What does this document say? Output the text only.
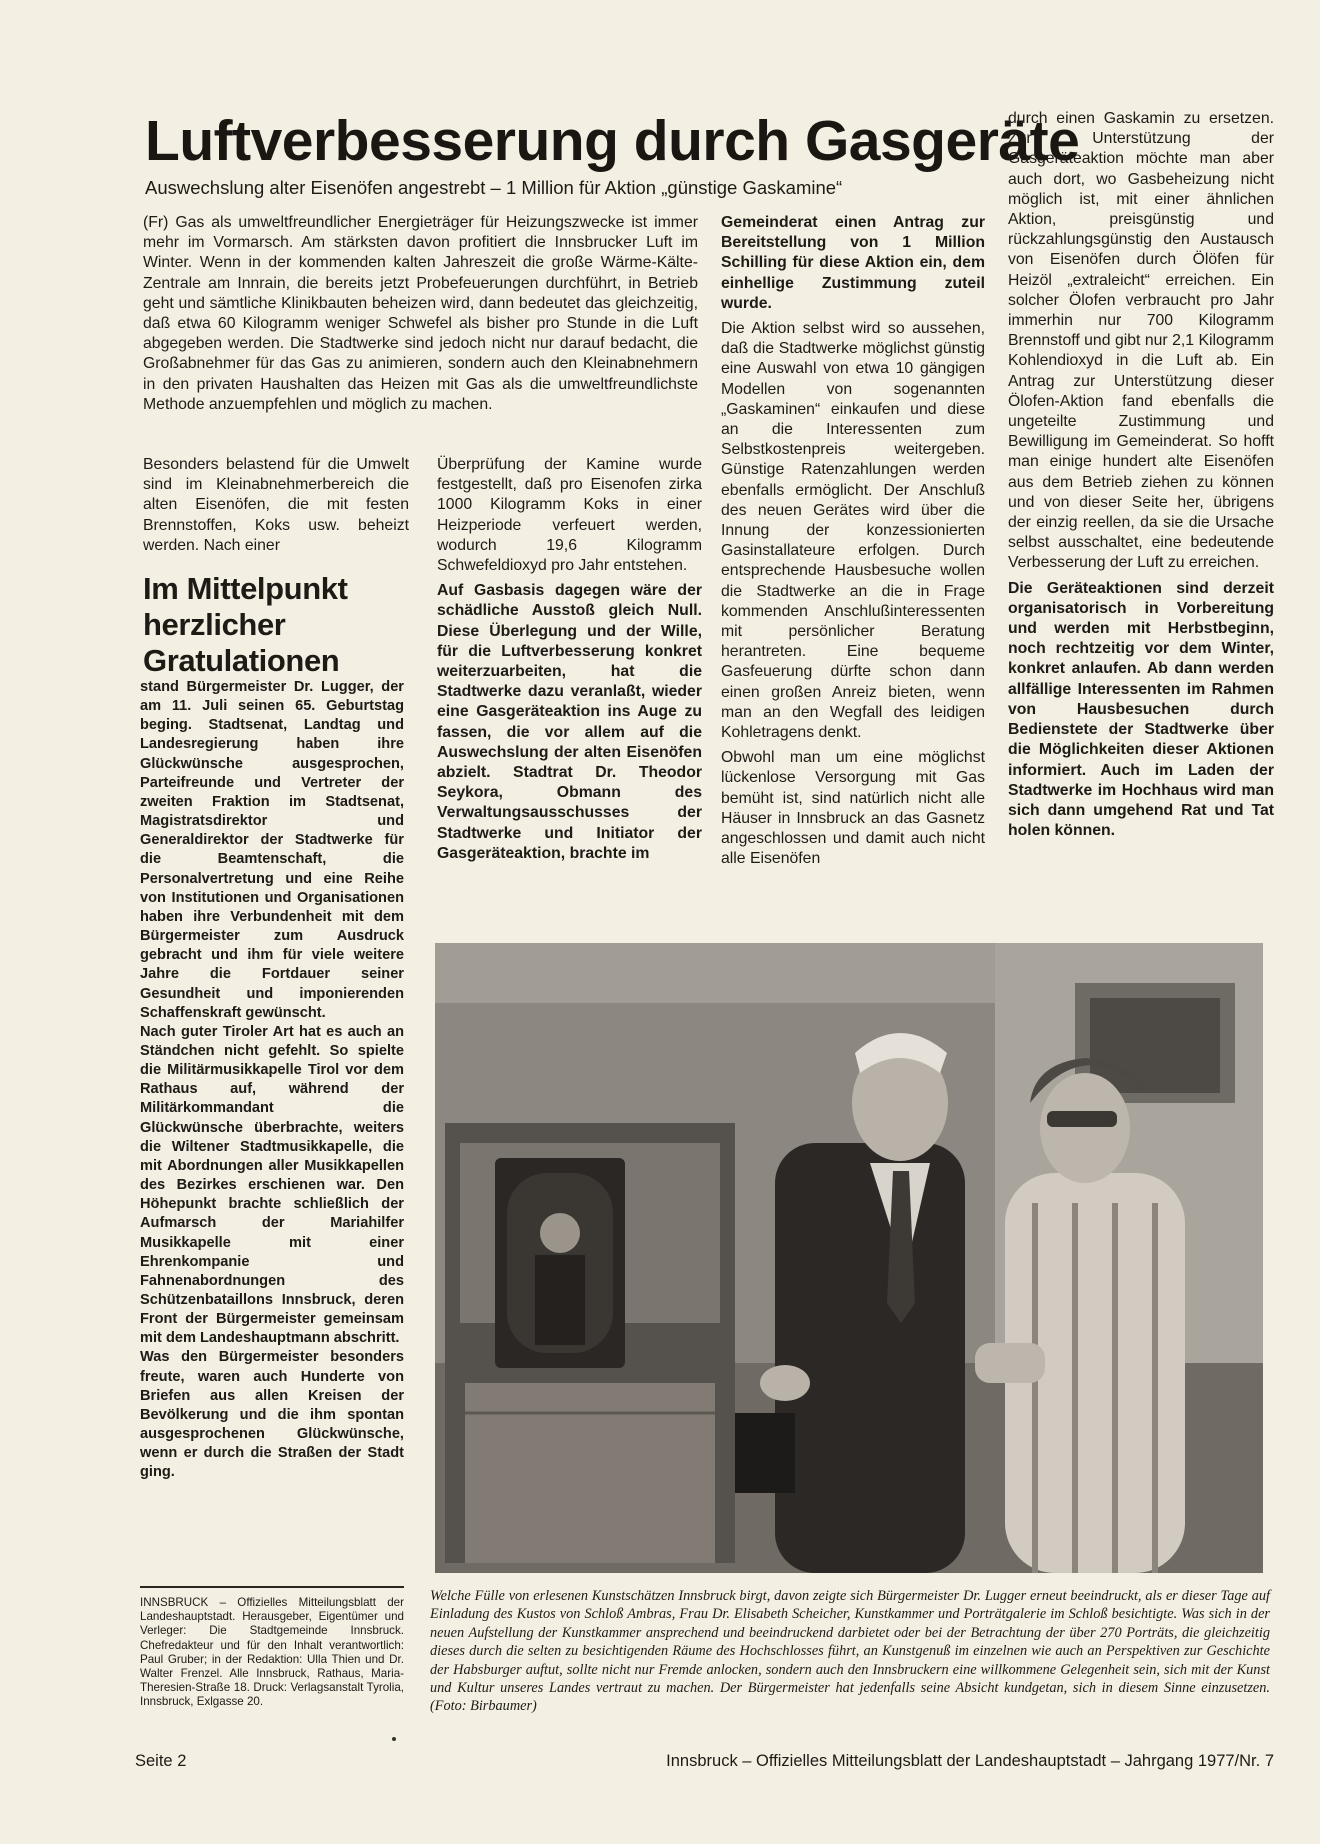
Luftverbesserung durch Gasgeräte
Auswechslung alter Eisenöfen angestrebt – 1 Million für Aktion „günstige Gaskamine“

(Fr) Gas als umweltfreundlicher Energieträger für Heizungszwecke ist immer mehr im Vormarsch. Am stärksten davon profitiert die Innsbrucker Luft im Winter. Wenn in der kommenden kalten Jahreszeit die große Wärme-Kälte-Zentrale am Innrain, die bereits jetzt Probefeuerungen durchführt, in Betrieb geht und sämtliche Klinikbauten beheizen wird, dann bedeutet das gleichzeitig, daß etwa 60 Kilogramm weniger Schwefel als bisher pro Stunde in die Luft abgegeben werden. Die Stadtwerke sind jedoch nicht nur darauf bedacht, die Großabnehmer für das Gas zu animieren, sondern auch den Kleinabnehmern in den privaten Haushalten das Heizen mit Gas als die umweltfreundlichste Methode anzuempfehlen und möglich zu machen.

Besonders belastend für die Umwelt sind im Kleinabnehmerbereich die alten Eisenöfen, die mit festen Brennstoffen, Koks usw. beheizt werden. Nach einer

Überprüfung der Kamine wurde festgestellt, daß pro Eisenofen zirka 1000 Kilogramm Koks in einer Heizperiode verfeuert werden, wodurch 19,6 Kilogramm Schwefeldioxyd pro Jahr entstehen.

Auf Gasbasis dagegen wäre der schädliche Ausstoß gleich Null. Diese Überlegung und der Wille, für die Luftverbesserung konkret weiterzuarbeiten, hat die Stadtwerke dazu veranlaßt, wieder eine Gasgeräteaktion ins Auge zu fassen, die vor allem auf die Auswechslung der alten Eisenöfen abzielt. Stadtrat Dr. Theodor Seykora, Obmann des Verwaltungsausschusses der Stadtwerke und Initiator der Gasgeräteaktion, brachte im

Gemeinderat einen Antrag zur Bereitstellung von 1 Million Schilling für diese Aktion ein, dem einhellige Zustimmung zuteil wurde.

Die Aktion selbst wird so aussehen, daß die Stadtwerke möglichst günstig eine Auswahl von etwa 10 gängigen Modellen von sogenannten „Gaskaminen“ einkaufen und diese an die Interessenten zum Selbstkostenpreis weitergeben. Günstige Ratenzahlungen werden ebenfalls ermöglicht. Der Anschluß des neuen Gerätes wird über die Innung der konzessionierten Gasinstallateure erfolgen. Durch entsprechende Hausbesuche wollen die Stadtwerke an die in Frage kommenden Anschlußinteressenten mit persönlicher Beratung herantreten. Eine bequeme Gasfeuerung dürfte schon dann einen großen Anreiz bieten, wenn man an den Wegfall des leidigen Kohletragens denkt.

Obwohl man um eine möglichst lückenlose Versorgung mit Gas bemüht ist, sind natürlich nicht alle Häuser in Innsbruck an das Gasnetz angeschlossen und damit auch nicht alle Eisenöfen

durch einen Gaskamin zu ersetzen. Zur Unterstützung der Gasgeräteaktion möchte man aber auch dort, wo Gasbeheizung nicht möglich ist, mit einer ähnlichen Aktion, preisgünstig und rückzahlungsgünstig den Austausch von Eisenöfen durch Ölöfen für Heizöl „extraleicht“ erreichen. Ein solcher Ölofen verbraucht pro Jahr immerhin nur 700 Kilogramm Brennstoff und gibt nur 2,1 Kilogramm Kohlendioxyd in die Luft ab. Ein Antrag zur Unterstützung dieser Ölofen-Aktion fand ebenfalls die ungeteilte Zustimmung und Bewilligung im Gemeinderat. So hofft man einige hundert alte Eisenöfen aus dem Betrieb ziehen zu können und von dieser Seite her, übrigens der einzig reellen, da sie die Ursache selbst ausschaltet, eine bedeutende Verbesserung der Luft zu erreichen.

Die Geräteaktionen sind derzeit organisatorisch in Vorbereitung und werden mit Herbstbeginn, noch rechtzeitig vor dem Winter, konkret anlaufen. Ab dann werden allfällige Interessenten im Rahmen von Hausbesuchen durch Bedienstete der Stadtwerke über die Möglichkeiten dieser Aktionen informiert. Auch im Laden der Stadtwerke im Hochhaus wird man sich dann umgehend Rat und Tat holen können.

Im Mittelpunkt herzlicher Gratulationen

stand Bürgermeister Dr. Lugger, der am 11. Juli seinen 65. Geburtstag beging. Stadtsenat, Landtag und Landesregierung haben ihre Glückwünsche ausgesprochen, Parteifreunde und Vertreter der zweiten Fraktion im Stadtsenat, Magistratsdirektor und Generaldirektor der Stadtwerke für die Beamtenschaft, die Personalvertretung und eine Reihe von Institutionen und Organisationen haben ihre Verbundenheit mit dem Bürgermeister zum Ausdruck gebracht und ihm für viele weitere Jahre die Fortdauer seiner Gesundheit und imponierenden Schaffenskraft gewünscht.

Nach guter Tiroler Art hat es auch an Ständchen nicht gefehlt. So spielte die Militärmusikkapelle Tirol vor dem Rathaus auf, während der Militärkommandant die Glückwünsche überbrachte, weiters die Wiltener Stadtmusikkapelle, die mit Abordnungen aller Musikkapellen des Bezirkes erschienen war. Den Höhepunkt brachte schließlich der Aufmarsch der Mariahilfer Musikkapelle mit einer Ehrenkompanie und Fahnenabordnungen des Schützenbataillons Innsbruck, deren Front der Bürgermeister gemeinsam mit dem Landeshauptmann abschritt.

Was den Bürgermeister besonders freute, waren auch Hunderte von Briefen aus allen Kreisen der Bevölkerung und die ihm spontan ausgesprochenen Glückwünsche, wenn er durch die Straßen der Stadt ging.

INNSBRUCK – Offizielles Mitteilungsblatt der Landeshauptstadt. Herausgeber, Eigentümer und Verleger: Die Stadtgemeinde Innsbruck. Chefredakteur und für den Inhalt verantwortlich: Paul Gruber; in der Redaktion: Ulla Thien und Dr. Walter Frenzel. Alle Innsbruck, Rathaus, Maria-Theresien-Straße 18. Druck: Verlagsanstalt Tyrolia, Innsbruck, Exlgasse 20.
Welche Fülle von erlesenen Kunstschätzen Innsbruck birgt, davon zeigte sich Bürgermeister Dr. Lugger erneut beeindruckt, als er dieser Tage auf Einladung des Kustos von Schloß Ambras, Frau Dr. Elisabeth Scheicher, Kunstkammer und Porträtgalerie im Schloß besichtigte. Was sich in der neuen Aufstellung der Kunstkammer ansprechend und beeindruckend darbietet oder bei der Betrachtung der über 270 Porträts, die gleichzeitig dieses durch die selten zu besichtigenden Räume des Hochschlosses führt, an Kunstgenuß im einzelnen wie auch an Perspektiven zur Geschichte der Habsburger auftut, sollte nicht nur Fremde anlocken, sondern auch den Innsbruckern eine willkommene Gelegenheit sein, sich mit der Kunst und Kultur unseres Landes vertraut zu machen. Der Bürgermeister hat jedenfalls seine Absicht kundgetan, sich in diesem Sinne einzusetzen. (Foto: Birbaumer)
Seite 2	Innsbruck – Offizielles Mitteilungsblatt der Landeshauptstadt – Jahrgang 1977/Nr. 7
